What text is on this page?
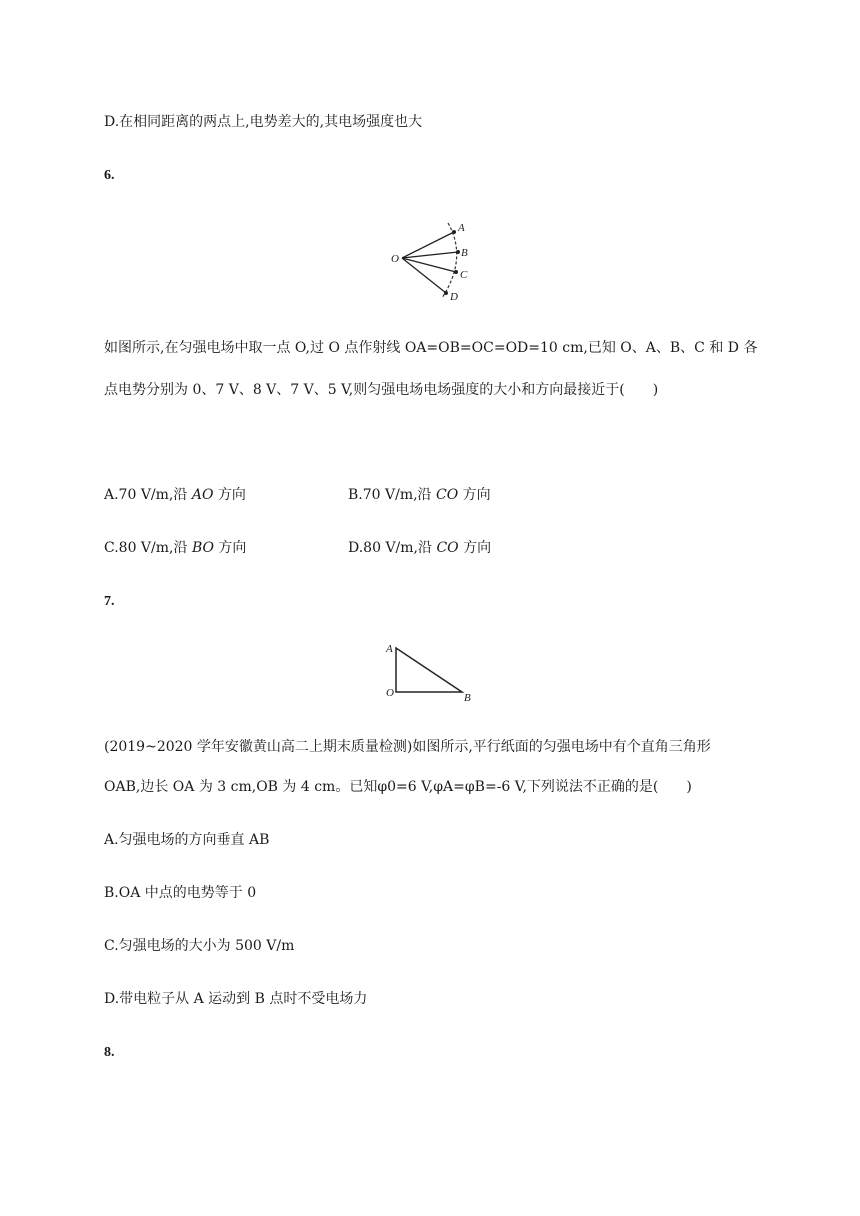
D.在相同距离的两点上,电势差大的,其电场强度也大
6.
O
A
B
C
D
如图所示,在匀强电场中取一点 O,过 O 点作射线 OA=OB=OC=OD=10 cm,已知 O、A、B、C 和 D 各
点电势分别为 0、7 V、8 V、7 V、5 V,则匀强电场电场强度的大小和方向最接近于(　　)
A.70 V/m,沿 AO 方向	B.70 V/m,沿 CO 方向
C.80 V/m,沿 BO 方向	D.80 V/m,沿 CO 方向
7.
A
O	B
(2019~2020 学年安徽黄山高二上期末质量检测)如图所示,平行纸面的匀强电场中有个直角三角形
OAB,边长 OA 为 3 cm,OB 为 4 cm。已知φ0=6 V,φA=φB=-6 V,下列说法不正确的是(　　)
A.匀强电场的方向垂直 AB
B.OA 中点的电势等于 0
C.匀强电场的大小为 500 V/m
D.带电粒子从 A 运动到 B 点时不受电场力
8.
